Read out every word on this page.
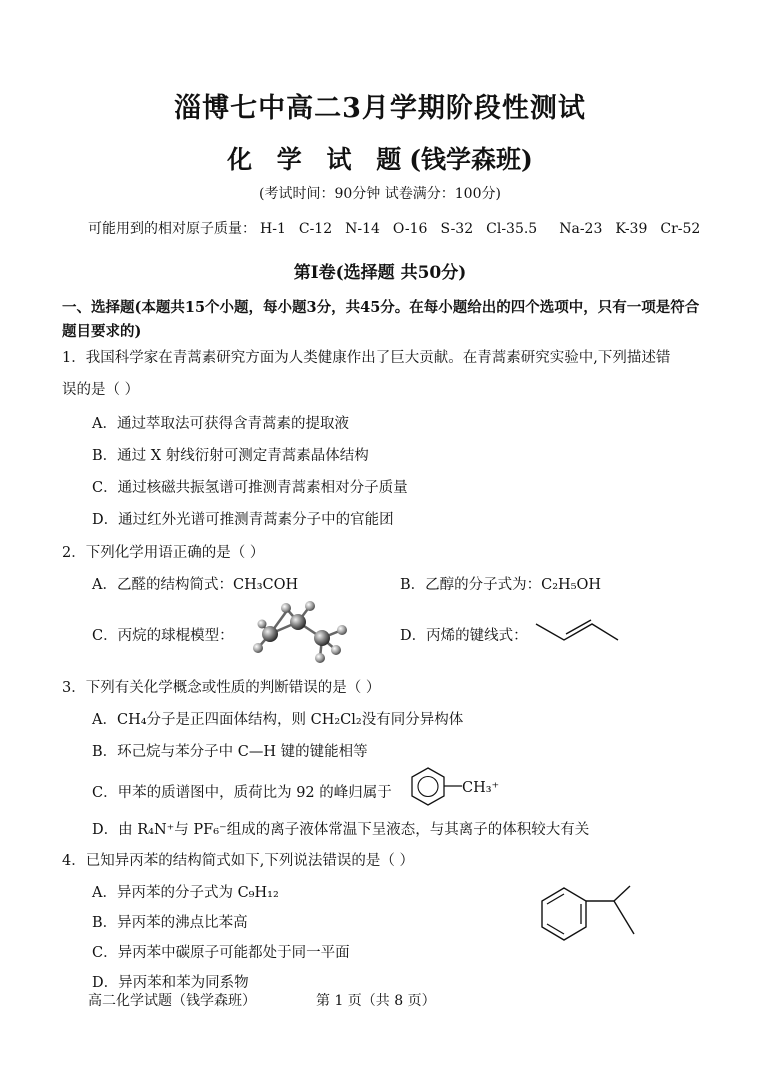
淄博七中高二3月学期阶段性测试
化 学 试 题(钱学森班)
(考试时间：90分钟 试卷满分：100分)
可能用到的相对原子质量： H-1 C-12 N-14 O-16 S-32 Cl-35.5 Na-23 K-39 Cr-52
第I卷(选择题 共50分)
一、选择题(本题共15个小题，每小题3分，共45分。在每小题给出的四个选项中，只有一项是符合题目要求的)
1．我国科学家在青蒿素研究方面为人类健康作出了巨大贡献。在青蒿素研究实验中,下列描述错
误的是（ ）
A．通过萃取法可获得含青蒿素的提取液
B．通过 X 射线衍射可测定青蒿素晶体结构
C．通过核磁共振氢谱可推测青蒿素相对分子质量
D．通过红外光谱可推测青蒿素分子中的官能团
2．下列化学用语正确的是（ ）
A．乙醛的结构简式：CH₃COH	B．乙醇的分子式为：C₂H₅OH
C．丙烷的球棍模型：	D．丙烯的键线式：
3．下列有关化学概念或性质的判断错误的是（ ）
A．CH₄分子是正四面体结构，则 CH₂Cl₂没有同分异构体
B．环己烷与苯分子中 C—H 键的键能相等
C．甲苯的质谱图中，质荷比为 92 的峰归属于	CH₃⁺
D．由 R₄N⁺与 PF₆⁻组成的离子液体常温下呈液态，与其离子的体积较大有关
4．已知异丙苯的结构简式如下,下列说法错误的是（ ）
A．异丙苯的分子式为 C₉H₁₂
B．异丙苯的沸点比苯高
C．异丙苯中碳原子可能都处于同一平面
D．异丙苯和苯为同系物
高二化学试题（钱学森班）	第 1 页（共 8 页）
